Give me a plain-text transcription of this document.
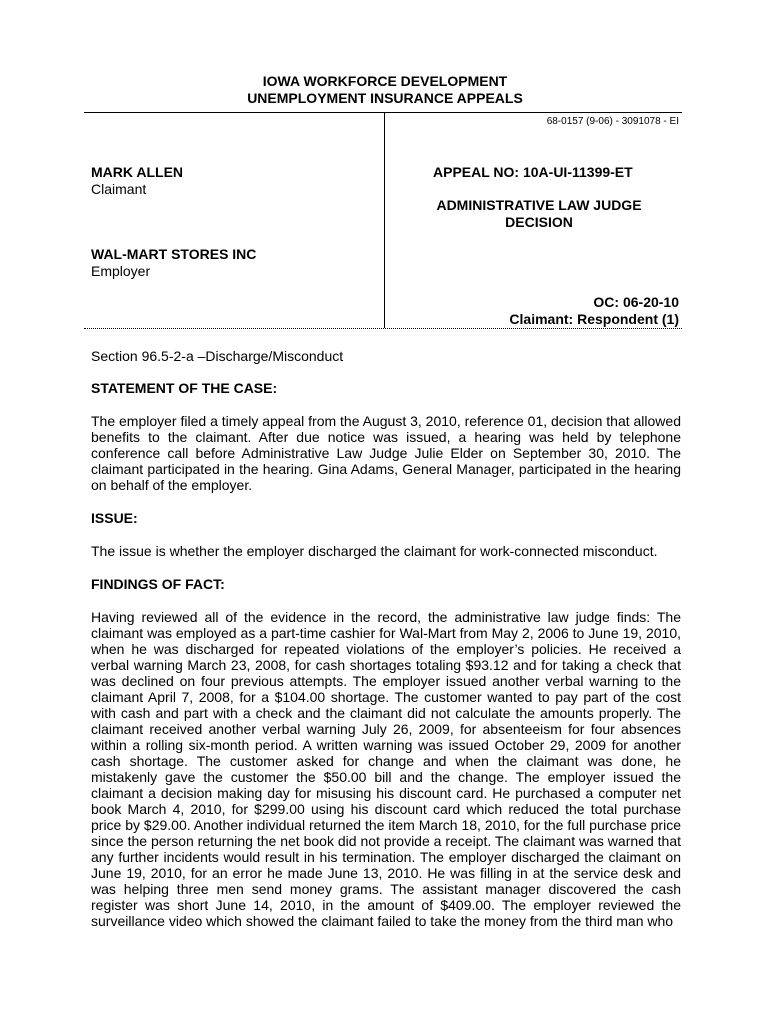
IOWA WORKFORCE DEVELOPMENT
UNEMPLOYMENT INSURANCE APPEALS
68-0157 (9-06) - 3091078 - EI
MARK ALLEN
Claimant
WAL-MART STORES INC
Employer
APPEAL NO: 10A-UI-11399-ET
ADMINISTRATIVE LAW JUDGE
DECISION
OC: 06-20-10
Claimant: Respondent (1)
Section 96.5-2-a –Discharge/Misconduct
STATEMENT OF THE CASE:
The employer filed a timely appeal from the August 3, 2010, reference 01, decision that allowed benefits to the claimant. After due notice was issued, a hearing was held by telephone conference call before Administrative Law Judge Julie Elder on September 30, 2010. The claimant participated in the hearing. Gina Adams, General Manager, participated in the hearing on behalf of the employer.
ISSUE:
The issue is whether the employer discharged the claimant for work-connected misconduct.
FINDINGS OF FACT:
Having reviewed all of the evidence in the record, the administrative law judge finds: The claimant was employed as a part-time cashier for Wal-Mart from May 2, 2006 to June 19, 2010, when he was discharged for repeated violations of the employer’s policies. He received a verbal warning March 23, 2008, for cash shortages totaling $93.12 and for taking a check that was declined on four previous attempts. The employer issued another verbal warning to the claimant April 7, 2008, for a $104.00 shortage. The customer wanted to pay part of the cost with cash and part with a check and the claimant did not calculate the amounts properly. The claimant received another verbal warning July 26, 2009, for absenteeism for four absences within a rolling six-month period. A written warning was issued October 29, 2009 for another cash shortage. The customer asked for change and when the claimant was done, he mistakenly gave the customer the $50.00 bill and the change. The employer issued the claimant a decision making day for misusing his discount card. He purchased a computer net book March 4, 2010, for $299.00 using his discount card which reduced the total purchase price by $29.00. Another individual returned the item March 18, 2010, for the full purchase price since the person returning the net book did not provide a receipt. The claimant was warned that any further incidents would result in his termination. The employer discharged the claimant on June 19, 2010, for an error he made June 13, 2010. He was filling in at the service desk and was helping three men send money grams. The assistant manager discovered the cash register was short June 14, 2010, in the amount of $409.00. The employer reviewed the surveillance video which showed the claimant failed to take the money from the third man who
